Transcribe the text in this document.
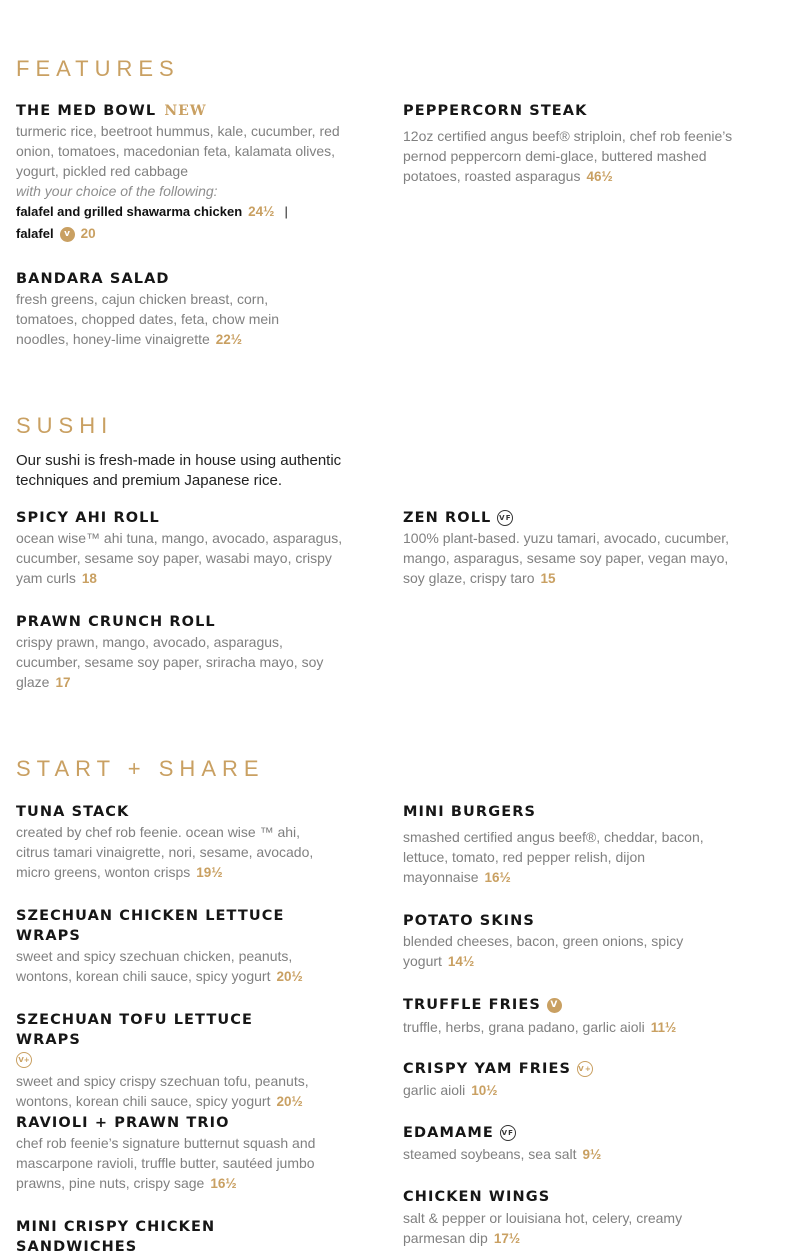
FEATURES
THE MED BOWL NEW
turmeric rice, beetroot hummus, kale, cucumber, red onion, tomatoes, macedonian feta, kalamata olives, yogurt, pickled red cabbage
with your choice of the following:
falafel and grilled shawarma chicken 24½ |
falafel v 20
PEPPERCORN STEAK
12oz certified angus beef® striploin, chef rob feenie’s pernod peppercorn demi-glace, buttered mashed potatoes, roasted asparagus 46½
BANDARA SALAD
fresh greens, cajun chicken breast, corn, tomatoes, chopped dates, feta, chow mein noodles, honey-lime vinaigrette 22½
SUSHI
Our sushi is fresh-made in house using authentic techniques and premium Japanese rice.
SPICY AHI ROLL
ocean wise™ ahi tuna, mango, avocado, asparagus, cucumber, sesame soy paper, wasabi mayo, crispy yam curls 18
ZEN ROLL VF
100% plant-based. yuzu tamari, avocado, cucumber, mango, asparagus, sesame soy paper, vegan mayo, soy glaze, crispy taro 15
PRAWN CRUNCH ROLL
crispy prawn, mango, avocado, asparagus, cucumber, sesame soy paper, sriracha mayo, soy glaze 17
START + SHARE
TUNA STACK
created by chef rob feenie. ocean wise ™ ahi, citrus tamari vinaigrette, nori, sesame, avocado, micro greens, wonton crisps 19½
MINI BURGERS
smashed certified angus beef®, cheddar, bacon, lettuce, tomato, red pepper relish, dijon mayonnaise 16½
SZECHUAN CHICKEN LETTUCE WRAPS
sweet and spicy szechuan chicken, peanuts, wontons, korean chili sauce, spicy yogurt 20½
POTATO SKINS
blended cheeses, bacon, green onions, spicy yogurt 14½
SZECHUAN TOFU LETTUCE WRAPS
V+
sweet and spicy crispy szechuan tofu, peanuts, wontons, korean chili sauce, spicy yogurt 20½
TRUFFLE FRIES V
truffle, herbs, grana padano, garlic aioli 11½
CRISPY YAM FRIES V+
garlic aioli 10½
RAVIOLI + PRAWN TRIO
chef rob feenie’s signature butternut squash and mascarpone ravioli, truffle butter, sautéed jumbo prawns, pine nuts, crispy sage 16½
EDAMAME VF
steamed soybeans, sea salt 9½
MINI CRISPY CHICKEN SANDWICHES
CHICKEN WINGS
salt & pepper or louisiana hot, celery, creamy parmesan dip 17½
